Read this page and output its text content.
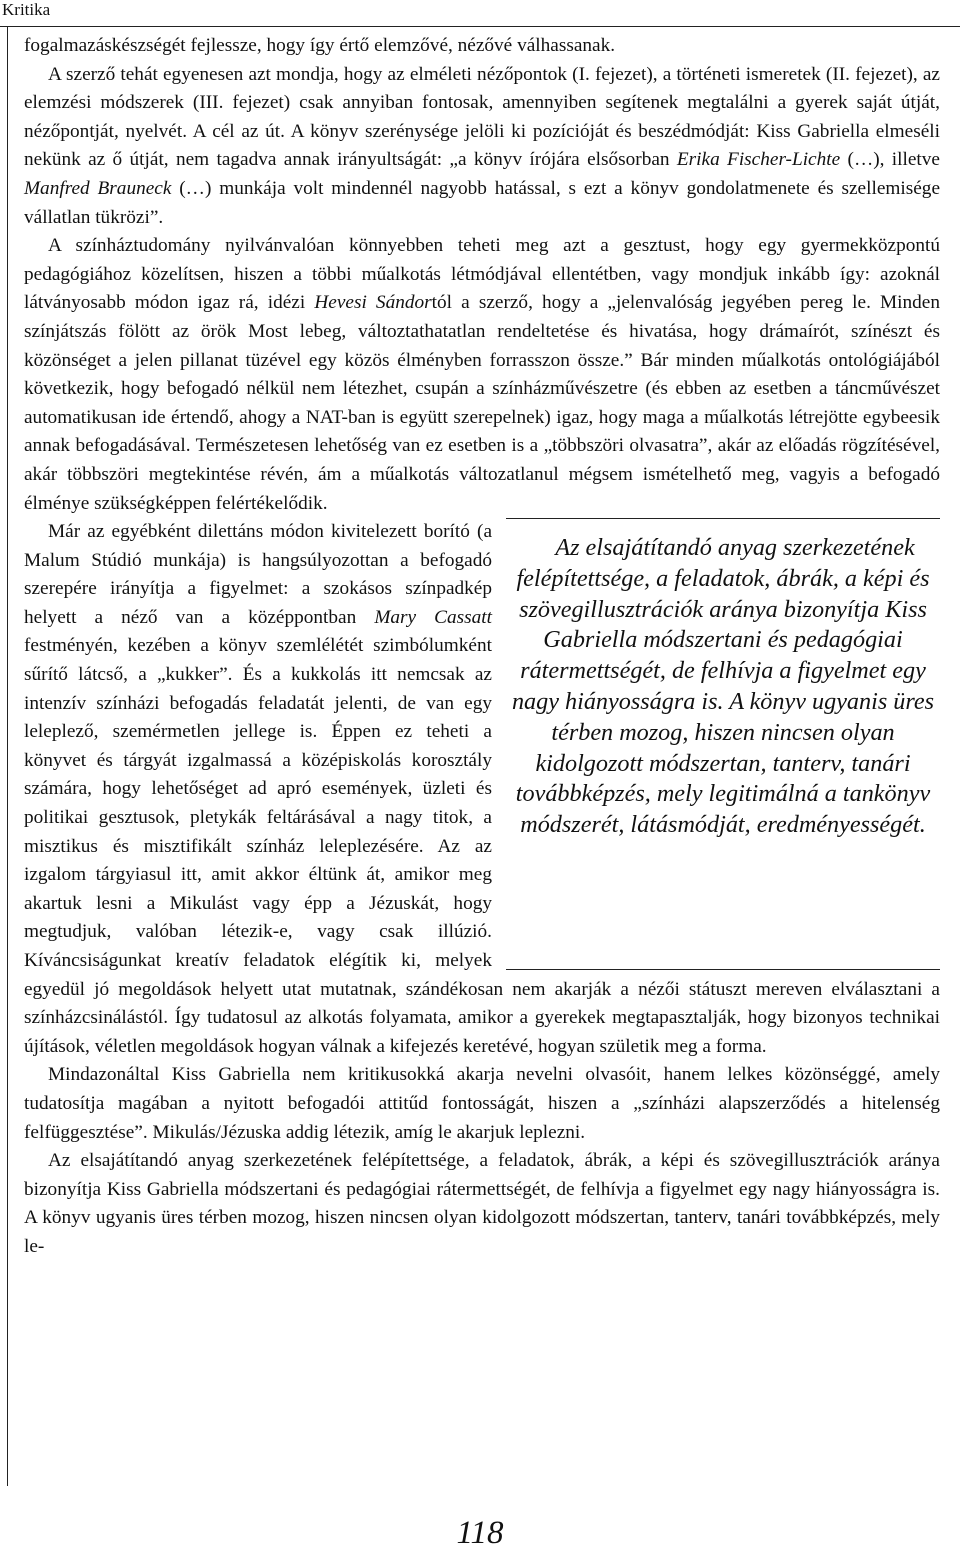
Kritika

fogalmazáskészségét fejlessze, hogy így értő elemzővé, nézővé válhassanak.

A szerző tehát egyenesen azt mondja, hogy az elméleti nézőpontok (I. fejezet), a történeti ismeretek (II. fejezet), az elemzési módszerek (III. fejezet) csak annyiban fontosak, amennyiben segítenek megtalálni a gyerek saját útját, nézőpontját, nyelvét. A cél az út. A könyv szerénysége jelöli ki pozícióját és beszédmódját: Kiss Gabriella elmeséli nekünk az ő útját, nem tagadva annak irányultságát: „a könyv írójára elsősorban Erika Fischer-Lichte (…), illetve Manfred Brauneck (…) munkája volt mindennél nagyobb hatással, s ezt a könyv gondolatmenete és szellemisége vállatlan tükrözi”.

A színháztudomány nyilvánvalóan könnyebben teheti meg azt a gesztust, hogy egy gyermekközpontú pedagógiához közelítsen, hiszen a többi műalkotás létmódjával ellentétben, vagy mondjuk inkább így: azoknál látványosabb módon igaz rá, idézi Hevesi Sándortól a szerző, hogy a „jelenvalóság jegyében pereg le. Minden színjátszás fölött az örök Most lebeg, változtathatatlan rendeltetése és hivatása, hogy drámaírót, színészt és közönséget a jelen pillanat tüzével egy közös élményben forrasszon össze.” Bár minden műalkotás ontológiájából következik, hogy befogadó nélkül nem létezhet, csupán a színházművészetre (és ebben az esetben a táncművészet automatikusan ide értendő, ahogy a NAT-ban is együtt szerepelnek) igaz, hogy maga a műalkotás létrejötte egybeesik annak befogadásával. Természetesen lehetőség van ez esetben is a „többszöri olvasatra”, akár az előadás rögzítésével, akár többszöri megtekintése révén, ám a műalkotás változatlanul mégsem ismételhető meg, vagyis a befogadó élménye szükségképpen felértékelődik.

Az elsajátítandó anyag szerkezetének felépítettsége, a feladatok, ábrák, a képi és szövegillusztrációk aránya bizonyítja Kiss Gabriella módszertani és pedagógiai rátermettségét, de felhívja a figyelmet egy nagy hiányosságra is. A könyv ugyanis üres térben mozog, hiszen nincsen olyan kidolgozott módszertan, tanterv, tanári továbbképzés, mely legitimálná a tankönyv módszerét, látásmódját, eredményességét.
Már az egyébként dilettáns módon kivitelezett borító (a Malum Stúdió munkája) is hangsúlyozottan a befogadó szerepére irányítja a figyelmet: a szokásos színpadkép helyett a néző van a középpontban Mary Cassatt festményén, kezében a könyv szemlélétét szimbólumként sűrítő látcső, a „kukker”. És a kukkolás itt nemcsak az intenzív színházi befogadás feladatát jelenti, de van egy leleplező, szemérmetlen jellege is. Éppen ez teheti a könyvet és tárgyát izgalmassá a középiskolás korosztály számára, hogy lehetőséget ad apró események, üzleti és politikai gesztusok, pletykák feltárásával a nagy titok, a misztikus és misztifikált színház leleplezésére. Az az izgalom tárgyiasul itt, amit akkor éltünk át, amikor meg akartuk lesni a Mikulást vagy épp a Jézuskát, hogy megtudjuk, valóban létezik-e, vagy csak illúzió. Kíváncsiságunkat kreatív feladatok elégítik ki, melyek egyedül jó megoldások helyett utat mutatnak, szándékosan nem akarják a nézői státuszt mereven elválasztani a színházcsinálástól. Így tudatosul az alkotás folyamata, amikor a gyerekek megtapasztalják, hogy bizonyos technikai újítások, véletlen megoldások hogyan válnak a kifejezés keretévé, hogyan születik meg a forma.

Mindazonáltal Kiss Gabriella nem kritikusokká akarja nevelni olvasóit, hanem lelkes közönséggé, amely tudatosítja magában a nyitott befogadói attitűd fontosságát, hiszen a „színházi alapszerződés a hitelenség felfüggesztése”. Mikulás/Jézuska addig létezik, amíg le akarjuk leplezni.

Az elsajátítandó anyag szerkezetének felépítettsége, a feladatok, ábrák, a képi és szövegillusztrációk aránya bizonyítja Kiss Gabriella módszertani és pedagógiai rátermettségét, de felhívja a figyelmet egy nagy hiányosságra is. A könyv ugyanis üres térben mozog, hiszen nincsen olyan kidolgozott módszertan, tanterv, tanári továbbképzés, mely le-

118
